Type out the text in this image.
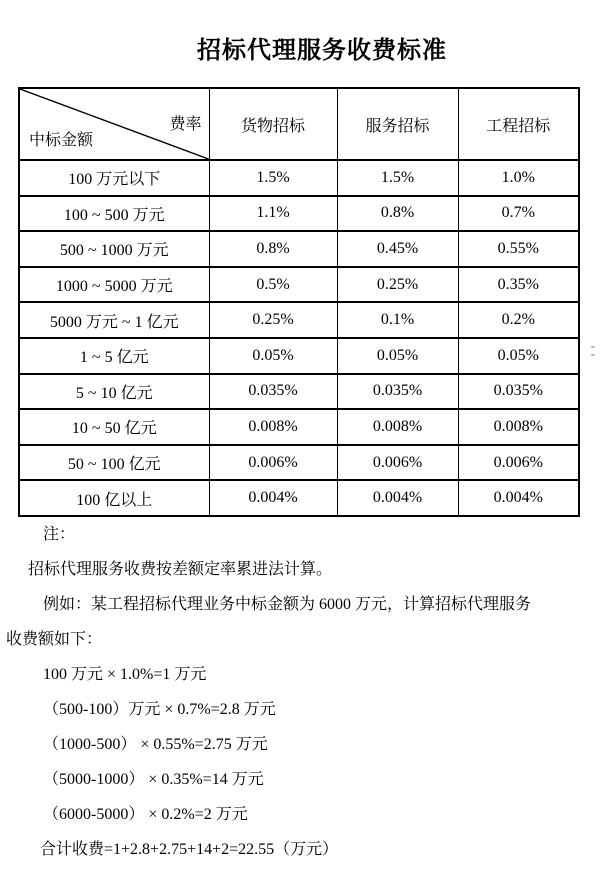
招标代理服务收费标准
费率
中标金额	货物招标	服务招标	工程招标
100 万元以下	1.5%	1.5%	1.0%
100 ~ 500 万元	1.1%	0.8%	0.7%
500 ~ 1000 万元	0.8%	0.45%	0.55%
1000 ~ 5000 万元	0.5%	0.25%	0.35%
5000 万元 ~ 1 亿元	0.25%	0.1%	0.2%
1 ~ 5 亿元	0.05%	0.05%	0.05%
5 ~ 10 亿元	0.035%	0.035%	0.035%
10 ~ 50 亿元	0.008%	0.008%	0.008%
50 ~ 100 亿元	0.006%	0.006%	0.006%
100 亿以上	0.004%	0.004%	0.004%
注：
招标代理服务收费按差额定率累进法计算。
例如：某工程招标代理业务中标金额为 6000 万元，计算招标代理服务
收费额如下：
100 万元 × 1.0%=1 万元
（500-100）万元 × 0.7%=2.8 万元
（1000-500） × 0.55%=2.75 万元
（5000-1000） × 0.35%=14 万元
（6000-5000） × 0.2%=2 万元
合计收费=1+2.8+2.75+14+2=22.55（万元）
